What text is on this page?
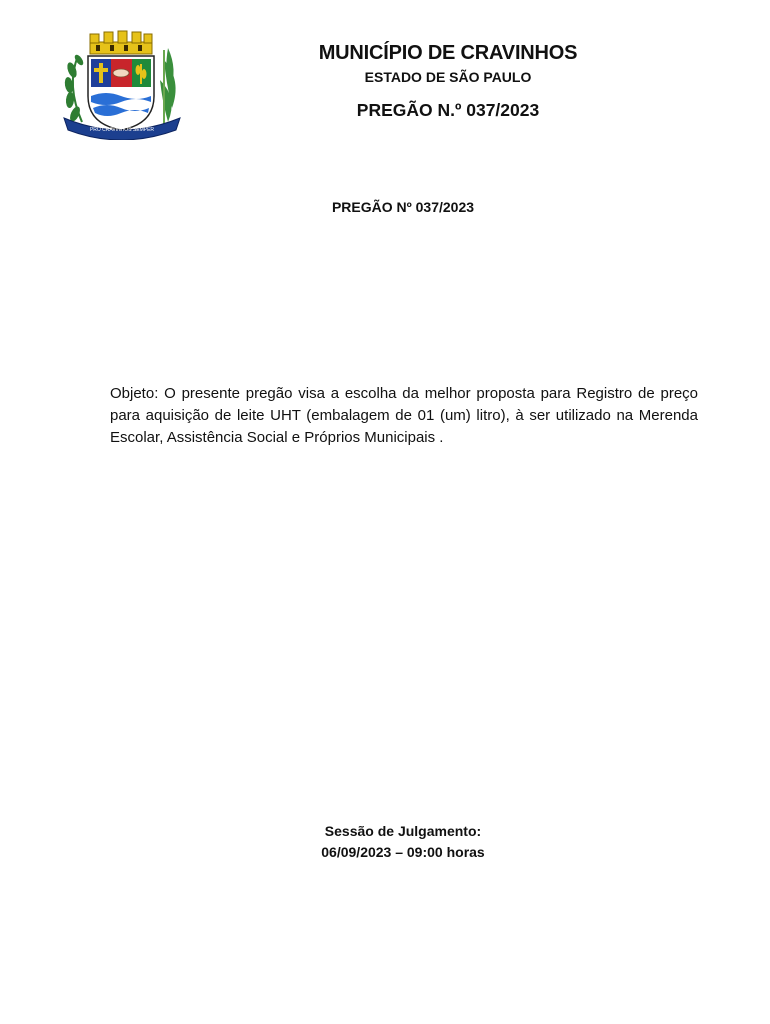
PRO CRAVINHOS SEMPER
MUNICÍPIO DE CRAVINHOS
ESTADO DE SÃO PAULO
PREGÃO N.º 037/2023
PREGÃO Nº 037/2023
Objeto: O presente pregão visa a escolha da melhor proposta para Registro de preço para aquisição de leite UHT (embalagem de 01 (um) litro), à ser utilizado na Merenda Escolar, Assistência Social e Próprios Municipais .
Sessão de Julgamento:
06/09/2023 – 09:00 horas
